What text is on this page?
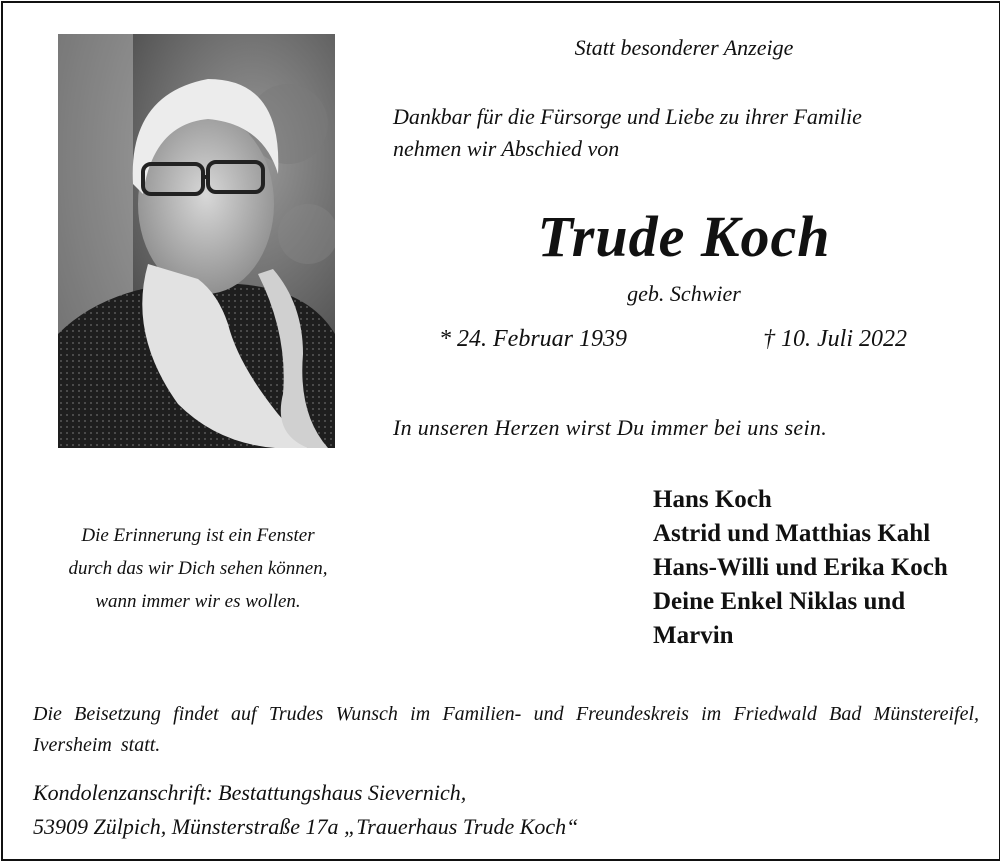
Statt besonderer Anzeige
Dankbar für die Fürsorge und Liebe zu ihrer Familie
nehmen wir Abschied von
Trude Koch
geb. Schwier
* 24. Februar 1939	† 10. Juli 2022
In unseren Herzen wirst Du immer bei uns sein.
Die Erinnerung ist ein Fenster
durch das wir Dich sehen können,
wann immer wir es wollen.
Hans Koch
Astrid und Matthias Kahl
Hans-Willi und Erika Koch
Deine Enkel Niklas und
Marvin
Die Beisetzung findet auf Trudes Wunsch im Familien- und Freundeskreis im Friedwald Bad Münstereifel, Iversheim statt.
Kondolenzanschrift: Bestattungshaus Sievernich,
53909 Zülpich, Münsterstraße 17a „Trauerhaus Trude Koch“
